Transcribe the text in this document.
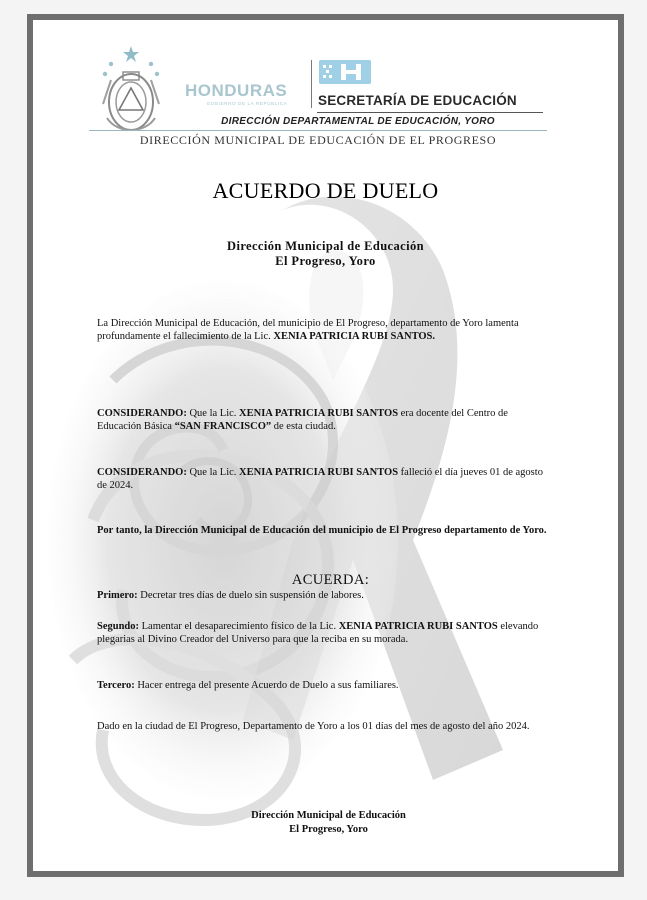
HONDURAS
GOBIERNO DE LA REPÚBLICA	SECRETARÍA DE EDUCACIÓN
DIRECCIÓN DEPARTAMENTAL DE EDUCACIÓN, YORO
DIRECCIÓN MUNICIPAL DE EDUCACIÓN DE EL PROGRESO
ACUERDO DE DUELO
Dirección Municipal de Educación
El Progreso, Yoro

La Dirección Municipal de Educación, del municipio de El Progreso, departamento de Yoro lamenta profundamente el fallecimiento de la Lic. XENIA PATRICIA RUBI SANTOS.

CONSIDERANDO: Que la Lic. XENIA PATRICIA RUBI SANTOS era docente del Centro de Educación Básica “SAN FRANCISCO” de esta ciudad.

CONSIDERANDO: Que la Lic. XENIA PATRICIA RUBI SANTOS falleció el día jueves 01 de agosto de 2024.

Por tanto, la Dirección Municipal de Educación del municipio de El Progreso departamento de Yoro.

ACUERDA:

Primero: Decretar tres días de duelo sin suspensión de labores.

Segundo: Lamentar el desaparecimiento físico de la Lic. XENIA PATRICIA RUBI SANTOS elevando plegarias al Divino Creador del Universo para que la reciba en su morada.

Tercero: Hacer entrega del presente Acuerdo de Duelo a sus familiares.

Dado en la ciudad de El Progreso, Departamento de Yoro a los 01 días del mes de agosto del año 2024.

Dirección Municipal de Educación
El Progreso, Yoro
